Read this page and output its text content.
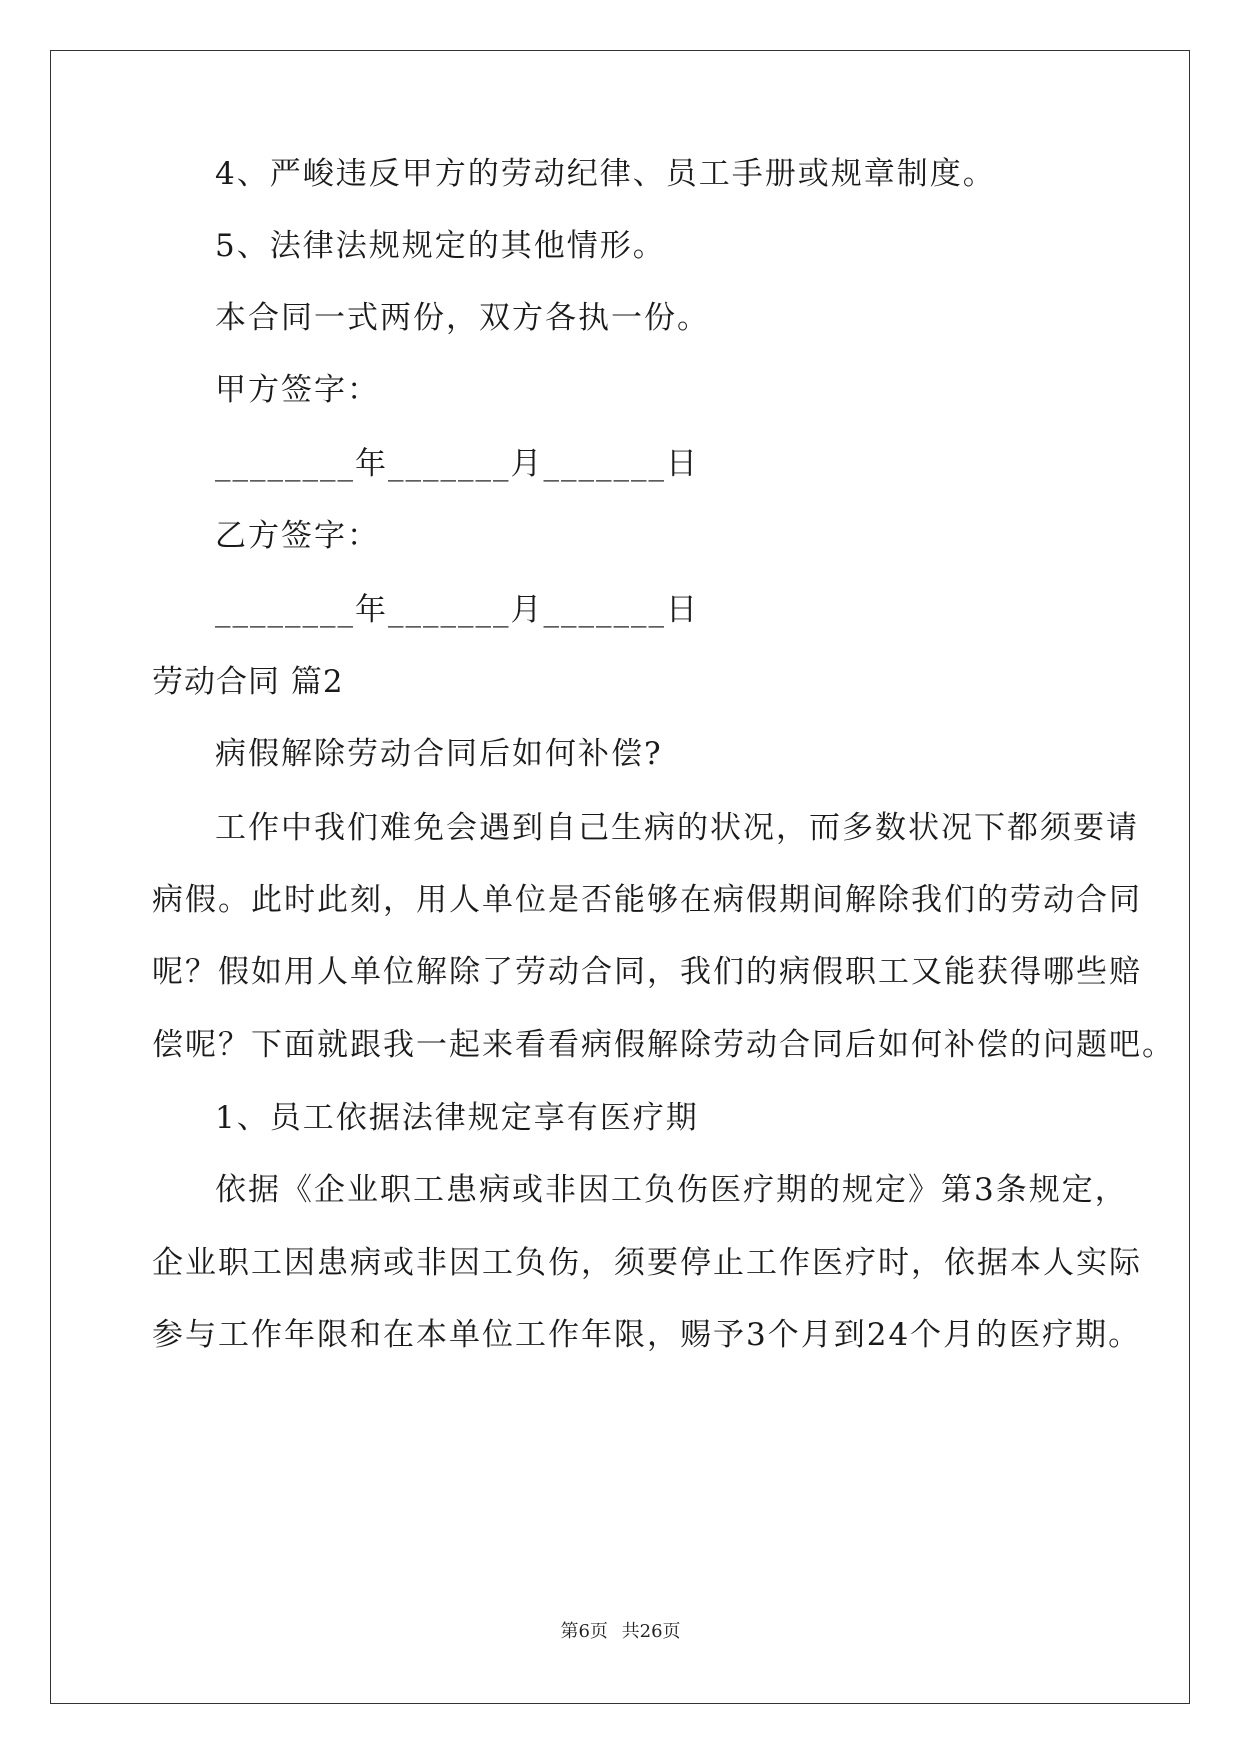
4、严峻违反甲方的劳动纪律、员工手册或规章制度。
5、法律法规规定的其他情形。
本合同一式两份，双方各执一份。
甲方签字：
________年_______月_______日
乙方签字：
________年_______月_______日
劳动合同 篇2
病假解除劳动合同后如何补偿?
工作中我们难免会遇到自己生病的状况，而多数状况下都须要请
病假。此时此刻，用人单位是否能够在病假期间解除我们的劳动合同
呢？假如用人单位解除了劳动合同，我们的病假职工又能获得哪些赔
偿呢？下面就跟我一起来看看病假解除劳动合同后如何补偿的问题吧。
1、员工依据法律规定享有医疗期
依据《企业职工患病或非因工负伤医疗期的规定》第3条规定，
企业职工因患病或非因工负伤，须要停止工作医疗时，依据本人实际
参与工作年限和在本单位工作年限，赐予3个月到24个月的医疗期。
第6页 共26页
